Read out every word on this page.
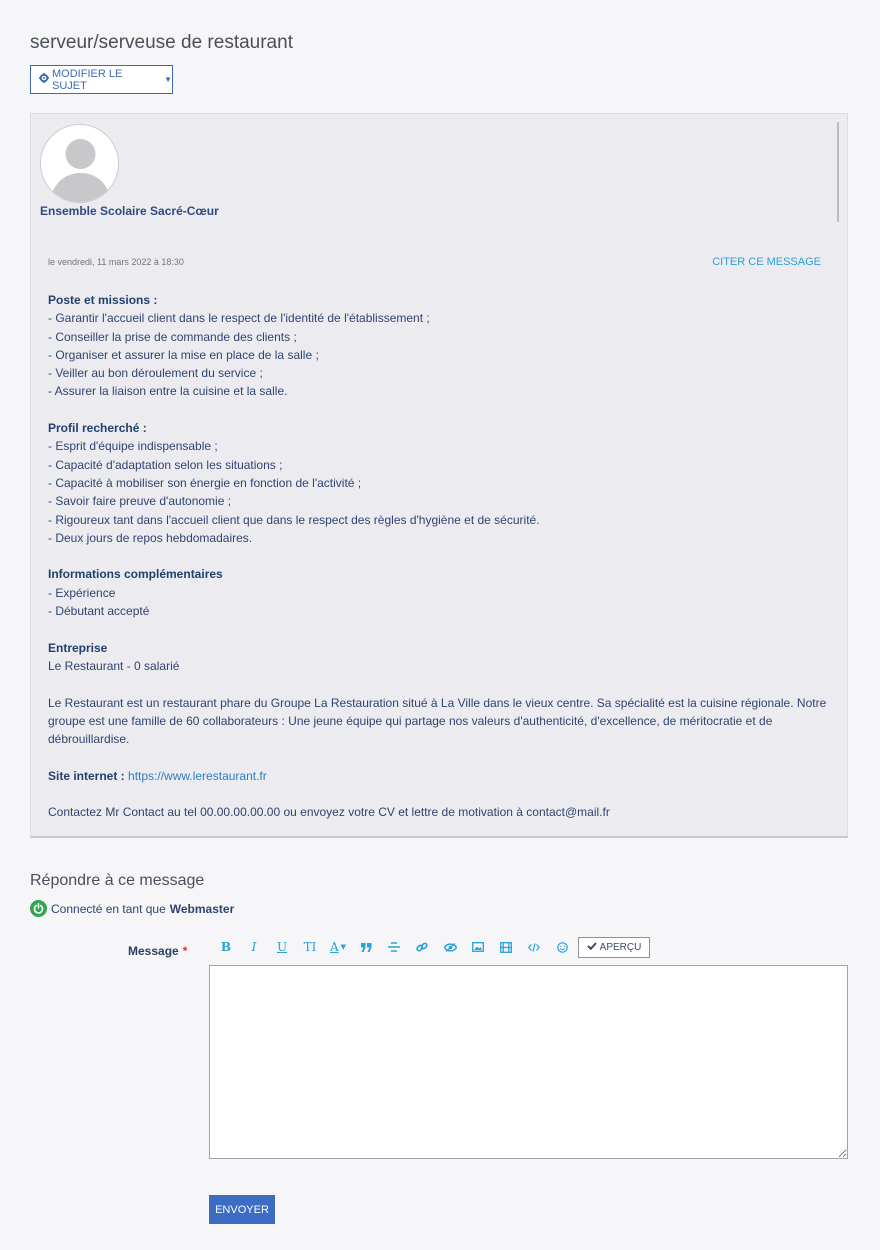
serveur/serveuse de restaurant
MODIFIER LE SUJET	▼
Ensemble Scolaire Sacré-Cœur
le vendredi, 11 mars 2022 à 18:30	CITER CE MESSAGE

Poste et missions :

- Garantir l'accueil client dans le respect de l'identité de l'établissement ;

- Conseiller la prise de commande des clients ;

- Organiser et assurer la mise en place de la salle ;

- Veiller au bon déroulement du service ;

- Assurer la liaison entre la cuisine et la salle.

Profil recherché :

- Esprit d'équipe indispensable ;

- Capacité d'adaptation selon les situations ;

- Capacité à mobiliser son énergie en fonction de l'activité ;

- Savoir faire preuve d'autonomie ;

- Rigoureux tant dans l'accueil client que dans le respect des règles d'hygiène et de sécurité.

- Deux jours de repos hebdomadaires.

Informations complémentaires

- Expérience

- Débutant accepté

Entreprise

Le Restaurant - 0 salarié

Le Restaurant est un restaurant phare du Groupe La Restauration situé à La Ville dans le vieux centre. Sa spécialité est la cuisine régionale. Notre groupe est une famille de 60 collaborateurs : Une jeune équipe qui partage nos valeurs d'authenticité, d'excellence, de méritocratie et de débrouillardise.

Site internet : https://www.lerestaurant.fr

Contactez Mr Contact au tel 00.00.00.00.00 ou envoyez votre CV et lettre de motivation à contact@mail.fr

Répondre à ce message
Connecté en tant que Webmaster
Message *	B I U TI A ▼	APERÇU
ENVOYER
